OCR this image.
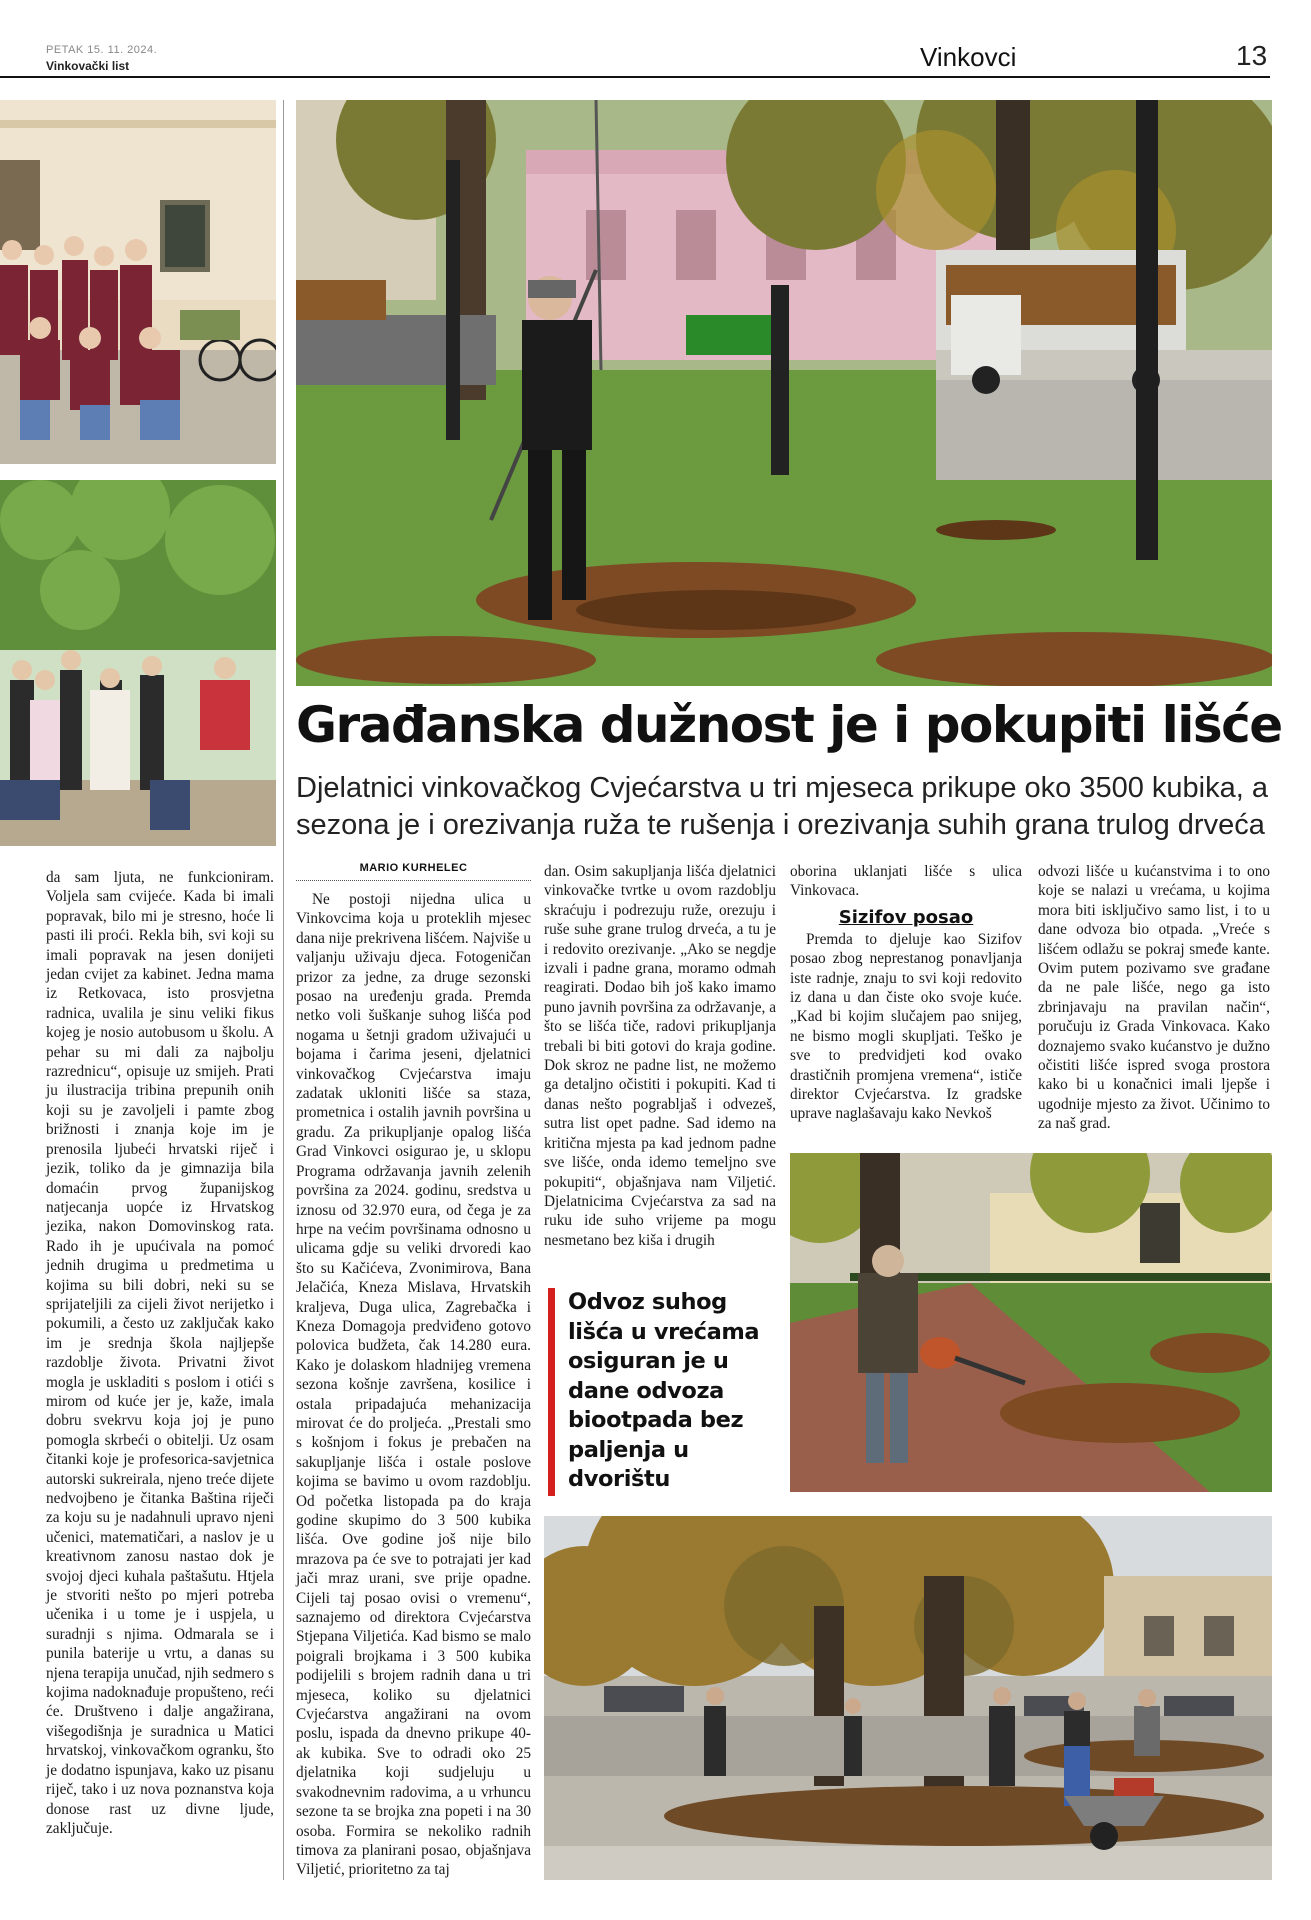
PETAK 15. 11. 2024.
Vinkovački list	Vinkovci	13
Građanska dužnost je i pokupiti lišće
Djelatnici vinkovačkog Cvjećarstva u tri mjeseca prikupe oko 3500 kubika, a sezona je i orezivanja ruža te rušenja i orezivanja suhih grana trulog drveća

da sam ljuta, ne funkcioniram. Voljela sam cvijeće. Kada bi imali popravak, bilo mi je stresno, hoće li pasti ili proći. Rekla bih, svi koji su imali popravak na jesen donijeti jedan cvijet za kabinet. Jedna mama iz Retkovaca, isto prosvjetna radnica, uvalila je sinu veliki fikus kojeg je nosio autobusom u školu. A pehar su mi dali za najbolju razrednicu“, opisuje uz smijeh. Prati ju ilustracija tribina prepunih onih koji su je zavoljeli i pamte zbog brižnosti i znanja koje im je prenosila ljubeći hrvatski riječ i jezik, toliko da je gimnazija bila domaćin prvog županijskog natjecanja uopće iz Hrvatskog jezika, nakon Domovinskog rata. Rado ih je upućivala na pomoć jednih drugima u predmetima u kojima su bili dobri, neki su se sprijateljili za cijeli život nerijetko i pokumili, a često uz zaključak kako im je srednja škola najljepše razdoblje života. Privatni život mogla je uskladiti s poslom i otići s mirom od kuće jer je, kaže, imala dobru svekrvu koja joj je puno pomogla skrbeći o obitelji. Uz osam čitanki koje je profesorica-savjetnica autorski sukreirala, njeno treće dijete nedvojbeno je čitanka Baština riječi za koju su je nadahnuli upravo njeni učenici, matematičari, a naslov je u kreativnom zanosu nastao dok je svojoj djeci kuhala paštašutu. Htjela je stvoriti nešto po mjeri potreba učenika i u tome je i uspjela, u suradnji s njima. Odmarala se i punila baterije u vrtu, a danas su njena terapija unučad, njih sedmero s kojima nadoknađuje propušteno, reći će. Društveno i dalje angažirana, višegodišnja je suradnica u Matici hrvatskoj, vinkovačkom ogranku, što je dodatno ispunjava, kako uz pisanu riječ, tako i uz nova poznanstva koja donose rast uz divne ljude, zaključuje.

MARIO KURHELEC

Ne postoji nijedna ulica u Vinkovcima koja u proteklih mjesec dana nije prekrivena lišćem. Najviše u valjanju uživaju djeca. Fotogeničan prizor za jedne, za druge sezonski posao na uređenju grada. Premda netko voli šuškanje suhog lišća pod nogama u šetnji gradom uživajući u bojama i čarima jeseni, djelatnici vinkovačkog Cvjećarstva imaju zadatak ukloniti lišće sa staza, prometnica i ostalih javnih površina u gradu. Za prikupljanje opalog lišća Grad Vinkovci osigurao je, u sklopu Programa održavanja javnih zelenih površina za 2024. godinu, sredstva u iznosu od 32.970 eura, od čega je za hrpe na većim površinama odnosno u ulicama gdje su veliki drvoredi kao što su Kačićeva, Zvonimirova, Bana Jelačića, Kneza Mislava, Hrvatskih kraljeva, Duga ulica, Zagrebačka i Kneza Domagoja predviđeno gotovo polovica budžeta, čak 14.280 eura. Kako je dolaskom hladnijeg vremena sezona košnje završena, kosilice i ostala pripadajuća mehanizacija mirovat će do proljeća. „Prestali smo s košnjom i fokus je prebačen na sakupljanje lišća i ostale poslove kojima se bavimo u ovom razdoblju. Od početka listopada pa do kraja godine skupimo do 3 500 kubika lišća. Ove godine još nije bilo mrazova pa će sve to potrajati jer kad jači mraz urani, sve prije opadne. Cijeli taj posao ovisi o vremenu“, saznajemo od direktora Cvjećarstva Stjepana Viljetića. Kad bismo se malo poigrali brojkama i 3 500 kubika podijelili s brojem radnih dana u tri mjeseca, koliko su djelatnici Cvjećarstva angažirani na ovom poslu, ispada da dnevno prikupe 40-ak kubika. Sve to odradi oko 25 djelatnika koji sudjeluju u svakodnevnim radovima, a u vrhuncu sezone ta se brojka zna popeti i na 30 osoba. Formira se nekoliko radnih timova za planirani posao, objašnjava Viljetić, prioritetno za taj

dan. Osim sakupljanja lišća djelatnici vinkovačke tvrtke u ovom razdoblju skraćuju i podrezuju ruže, orezuju i ruše suhe grane trulog drveća, a tu je i redovito orezivanje. „Ako se negdje izvali i padne grana, moramo odmah reagirati. Dodao bih još kako imamo puno javnih površina za održavanje, a što se lišća tiče, radovi prikupljanja trebali bi biti gotovi do kraja godine. Dok skroz ne padne list, ne možemo ga detaljno očistiti i pokupiti. Kad ti danas nešto pograbljaš i odvezeš, sutra list opet padne. Sad idemo na kritična mjesta pa kad jednom padne sve lišće, onda idemo temeljno sve pokupiti“, objašnjava nam Viljetić. Djelatnicima Cvjećarstva za sad na ruku ide suho vrijeme pa mogu nesmetano bez kiša i drugih

Odvoz suhog lišća u vrećama osiguran je u dane odvoza biootpada bez paljenja u dvorištu

oborina uklanjati lišće s ulica Vinkovaca.

Sizifov posao

Premda to djeluje kao Sizifov posao zbog neprestanog ponavljanja iste radnje, znaju to svi koji redovito iz dana u dan čiste oko svoje kuće. „Kad bi kojim slučajem pao snijeg, ne bismo mogli skupljati. Teško je sve to predvidjeti kod ovako drastičnih promjena vremena“, ističe direktor Cvjećarstva. Iz gradske uprave naglašavaju kako Nevkoš

odvozi lišće u kućanstvima i to ono koje se nalazi u vrećama, u kojima mora biti isključivo samo list, i to u dane odvoza bio otpada. „Vreće s lišćem odlažu se pokraj smeđe kante. Ovim putem pozivamo sve građane da ne pale lišće, nego ga isto zbrinjavaju na pravilan način“, poručuju iz Grada Vinkovaca. Kako doznajemo svako kućanstvo je dužno očistiti lišće ispred svoga prostora kako bi u konačnici imali ljepše i ugodnije mjesto za život. Učinimo to za naš grad.
